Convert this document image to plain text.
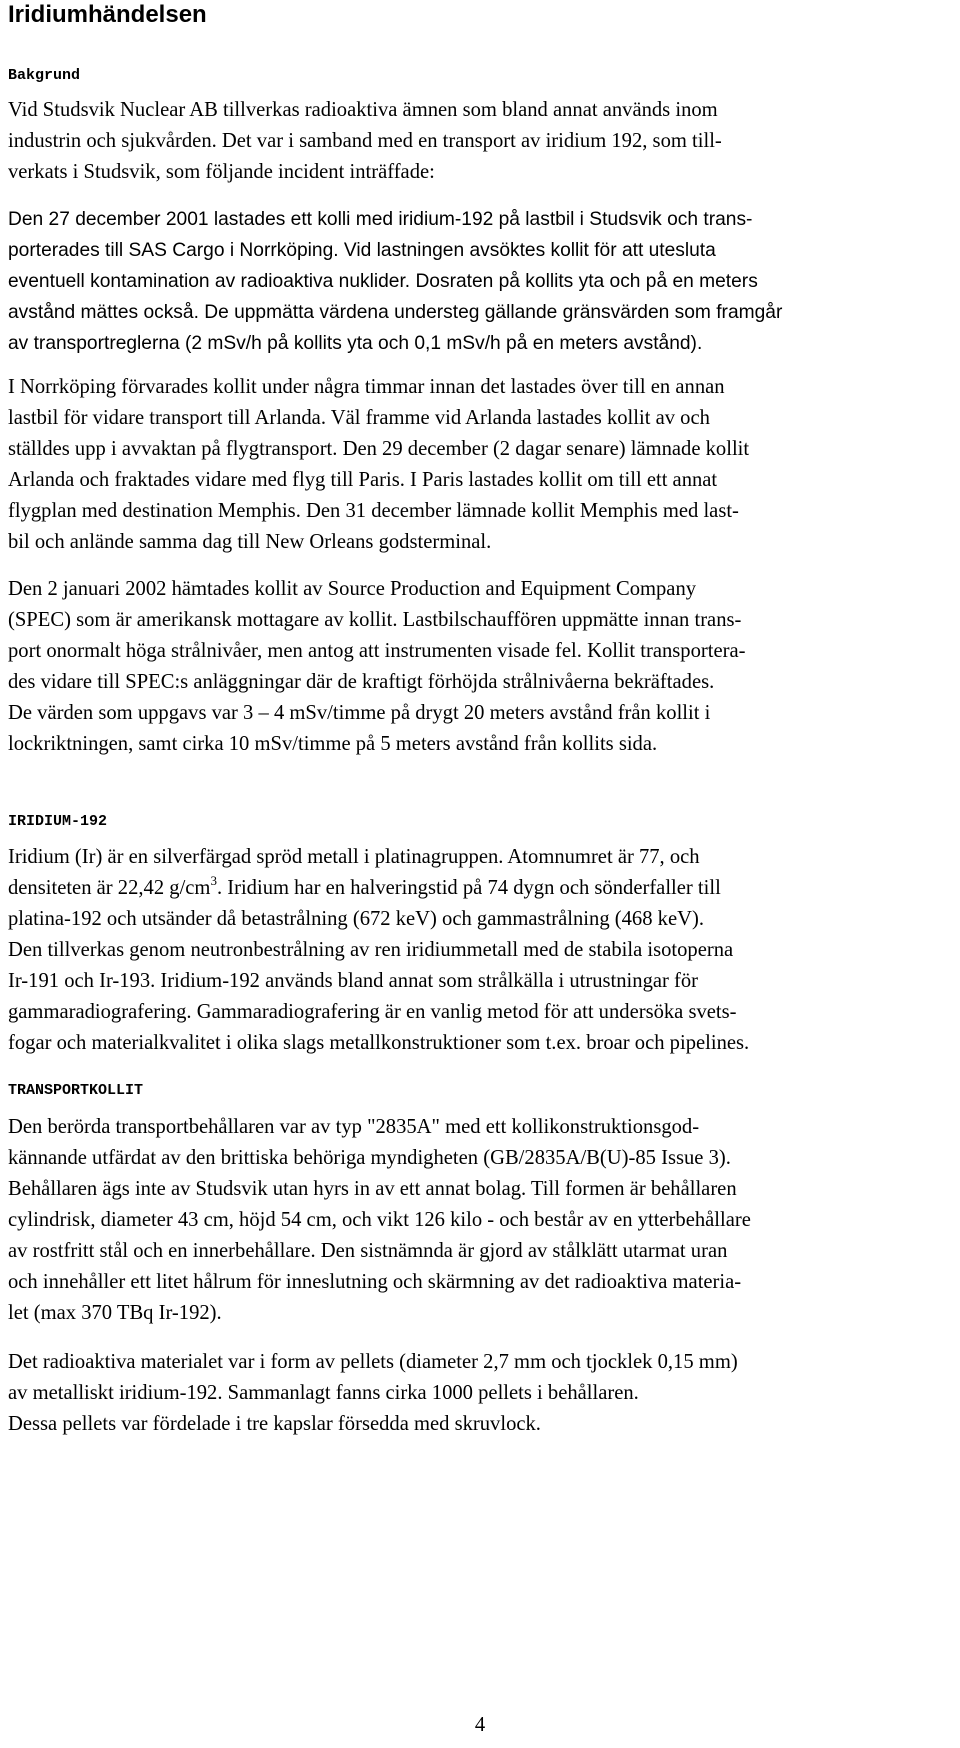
Iridiumhändelsen
Bakgrund

Vid Studsvik Nuclear AB tillverkas radioaktiva ämnen som bland annat används inom
industrin och sjukvården. Det var i samband med en transport av iridium 192, som till-
verkats i Studsvik, som följande incident inträffade:

Den 27 december 2001 lastades ett kolli med iridium-192 på lastbil i Studsvik och trans-
porterades till SAS Cargo i Norrköping. Vid lastningen avsöktes kollit för att utesluta
eventuell kontamination av radioaktiva nuklider. Dosraten på kollits yta och på en meters
avstånd mättes också. De uppmätta värdena understeg gällande gränsvärden som framgår
av transportreglerna (2 mSv/h på kollits yta och 0,1 mSv/h på en meters avstånd).

I Norrköping förvarades kollit under några timmar innan det lastades över till en annan
lastbil för vidare transport till Arlanda. Väl framme vid Arlanda lastades kollit av och
ställdes upp i avvaktan på flygtransport. Den 29 december (2 dagar senare) lämnade kollit
Arlanda och fraktades vidare med flyg till Paris. I Paris lastades kollit om till ett annat
flygplan med destination Memphis. Den 31 december lämnade kollit Memphis med last-
bil och anlände samma dag till New Orleans godsterminal.

Den 2 januari 2002 hämtades kollit av Source Production and Equipment Company
(SPEC) som är amerikansk mottagare av kollit. Lastbilschauffören uppmätte innan trans-
port onormalt höga strålnivåer, men antog att instrumenten visade fel. Kollit transportera-
des vidare till SPEC:s anläggningar där de kraftigt förhöjda strålnivåerna bekräftades.
De värden som uppgavs var 3 – 4 mSv/timme på drygt 20 meters avstånd från kollit i
lockriktningen, samt cirka 10 mSv/timme på 5 meters avstånd från kollits sida.

IRIDIUM-192

Iridium (Ir) är en silverfärgad spröd metall i platinagruppen. Atomnumret är 77, och
densiteten är 22,42 $g/cm^3$. Iridium har en halveringstid på 74 dygn och sönderfaller till
platina-192 och utsänder då betastrålning (672 keV) och gammastrålning (468 keV).
Den tillverkas genom neutronbestrålning av ren iridiummetall med de stabila isotoperna
Ir-191 och Ir-193. Iridium-192 används bland annat som strålkälla i utrustningar för
gammaradiografering. Gammaradiografering är en vanlig metod för att undersöka svets-
fogar och materialkvalitet i olika slags metallkonstruktioner som t.ex. broar och pipelines.

TRANSPORTKOLLIT

Den berörda transportbehållaren var av typ "2835A" med ett kollikonstruktionsgod-
kännande utfärdat av den brittiska behöriga myndigheten (GB/2835A/B(U)-85 Issue 3).
Behållaren ägs inte av Studsvik utan hyrs in av ett annat bolag. Till formen är behållaren
cylindrisk, diameter 43 cm, höjd 54 cm, och vikt 126 kilo - och består av en ytterbehållare
av rostfritt stål och en innerbehållare. Den sistnämnda är gjord av stålklätt utarmat uran
och innehåller ett litet hålrum för inneslutning och skärmning av det radioaktiva materia-
let (max 370 TBq Ir-192).

Det radioaktiva materialet var i form av pellets (diameter 2,7 mm och tjocklek 0,15 mm)
av metalliskt iridium-192. Sammanlagt fanns cirka 1000 pellets i behållaren.
Dessa pellets var fördelade i tre kapslar försedda med skruvlock.

4
